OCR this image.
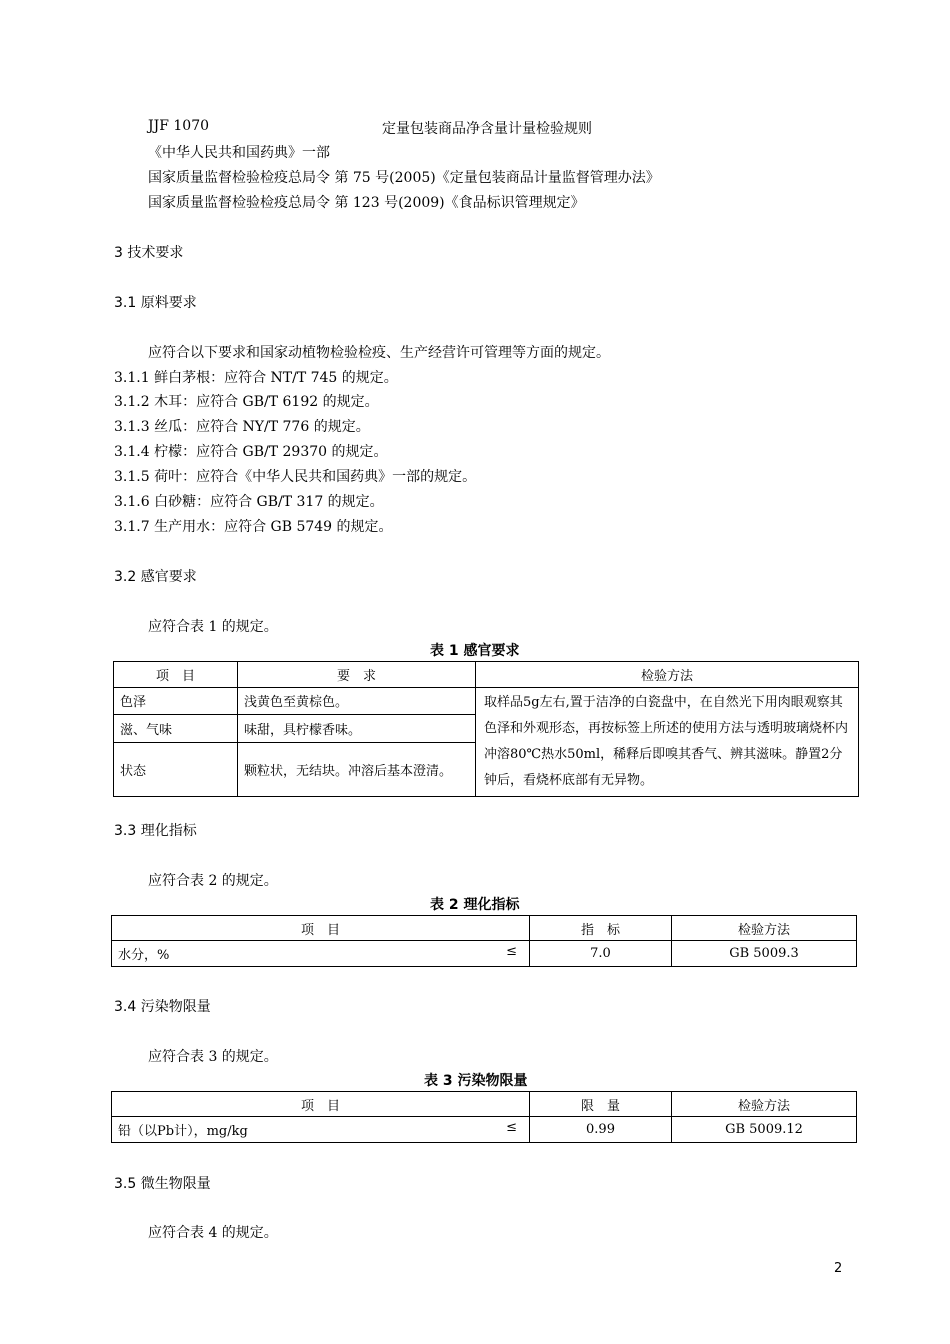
JJF 1070	定量包装商品净含量计量检验规则
《中华人民共和国药典》一部
国家质量监督检验检疫总局令 第 75 号(2005)《定量包装商品计量监督管理办法》
国家质量监督检验检疫总局令 第 123 号(2009)《食品标识管理规定》
3 技术要求
3.1 原料要求
应符合以下要求和国家动植物检验检疫、生产经营许可管理等方面的规定。
3.1.1 鲜白茅根：应符合 NT/T 745 的规定。
3.1.2 木耳：应符合 GB/T 6192 的规定。
3.1.3 丝瓜：应符合 NY/T 776 的规定。
3.1.4 柠檬：应符合 GB/T 29370 的规定。
3.1.5 荷叶：应符合《中华人民共和国药典》一部的规定。
3.1.6 白砂糖：应符合 GB/T 317 的规定。
3.1.7 生产用水：应符合 GB 5749 的规定。
3.2 感官要求
应符合表 1 的规定。
表 1 感官要求
项　目	要　求	检验方法
色泽	浅黄色至黄棕色。	取样品5g左右,置于洁净的白瓷盘中，在自然光下用肉眼观察其色泽和外观形态，再按标签上所述的使用方法与透明玻璃烧杯内冲溶80℃热水50ml，稀释后即嗅其香气、辨其滋味。静置2分钟后，看烧杯底部有无异物。
滋、气味	味甜，具柠檬香味。	
状态	颗粒状，无结块。冲溶后基本澄清。	
3.3 理化指标
应符合表 2 的规定。
表 2 理化指标
项　目	指　标	检验方法
水分，% ≤	7.0	GB 5009.3
3.4 污染物限量
应符合表 3 的规定。
表 3 污染物限量
项　目	限　量	检验方法
铅（以Pb计），mg/kg ≤	0.99	GB 5009.12
3.5 微生物限量
应符合表 4 的规定。
2
